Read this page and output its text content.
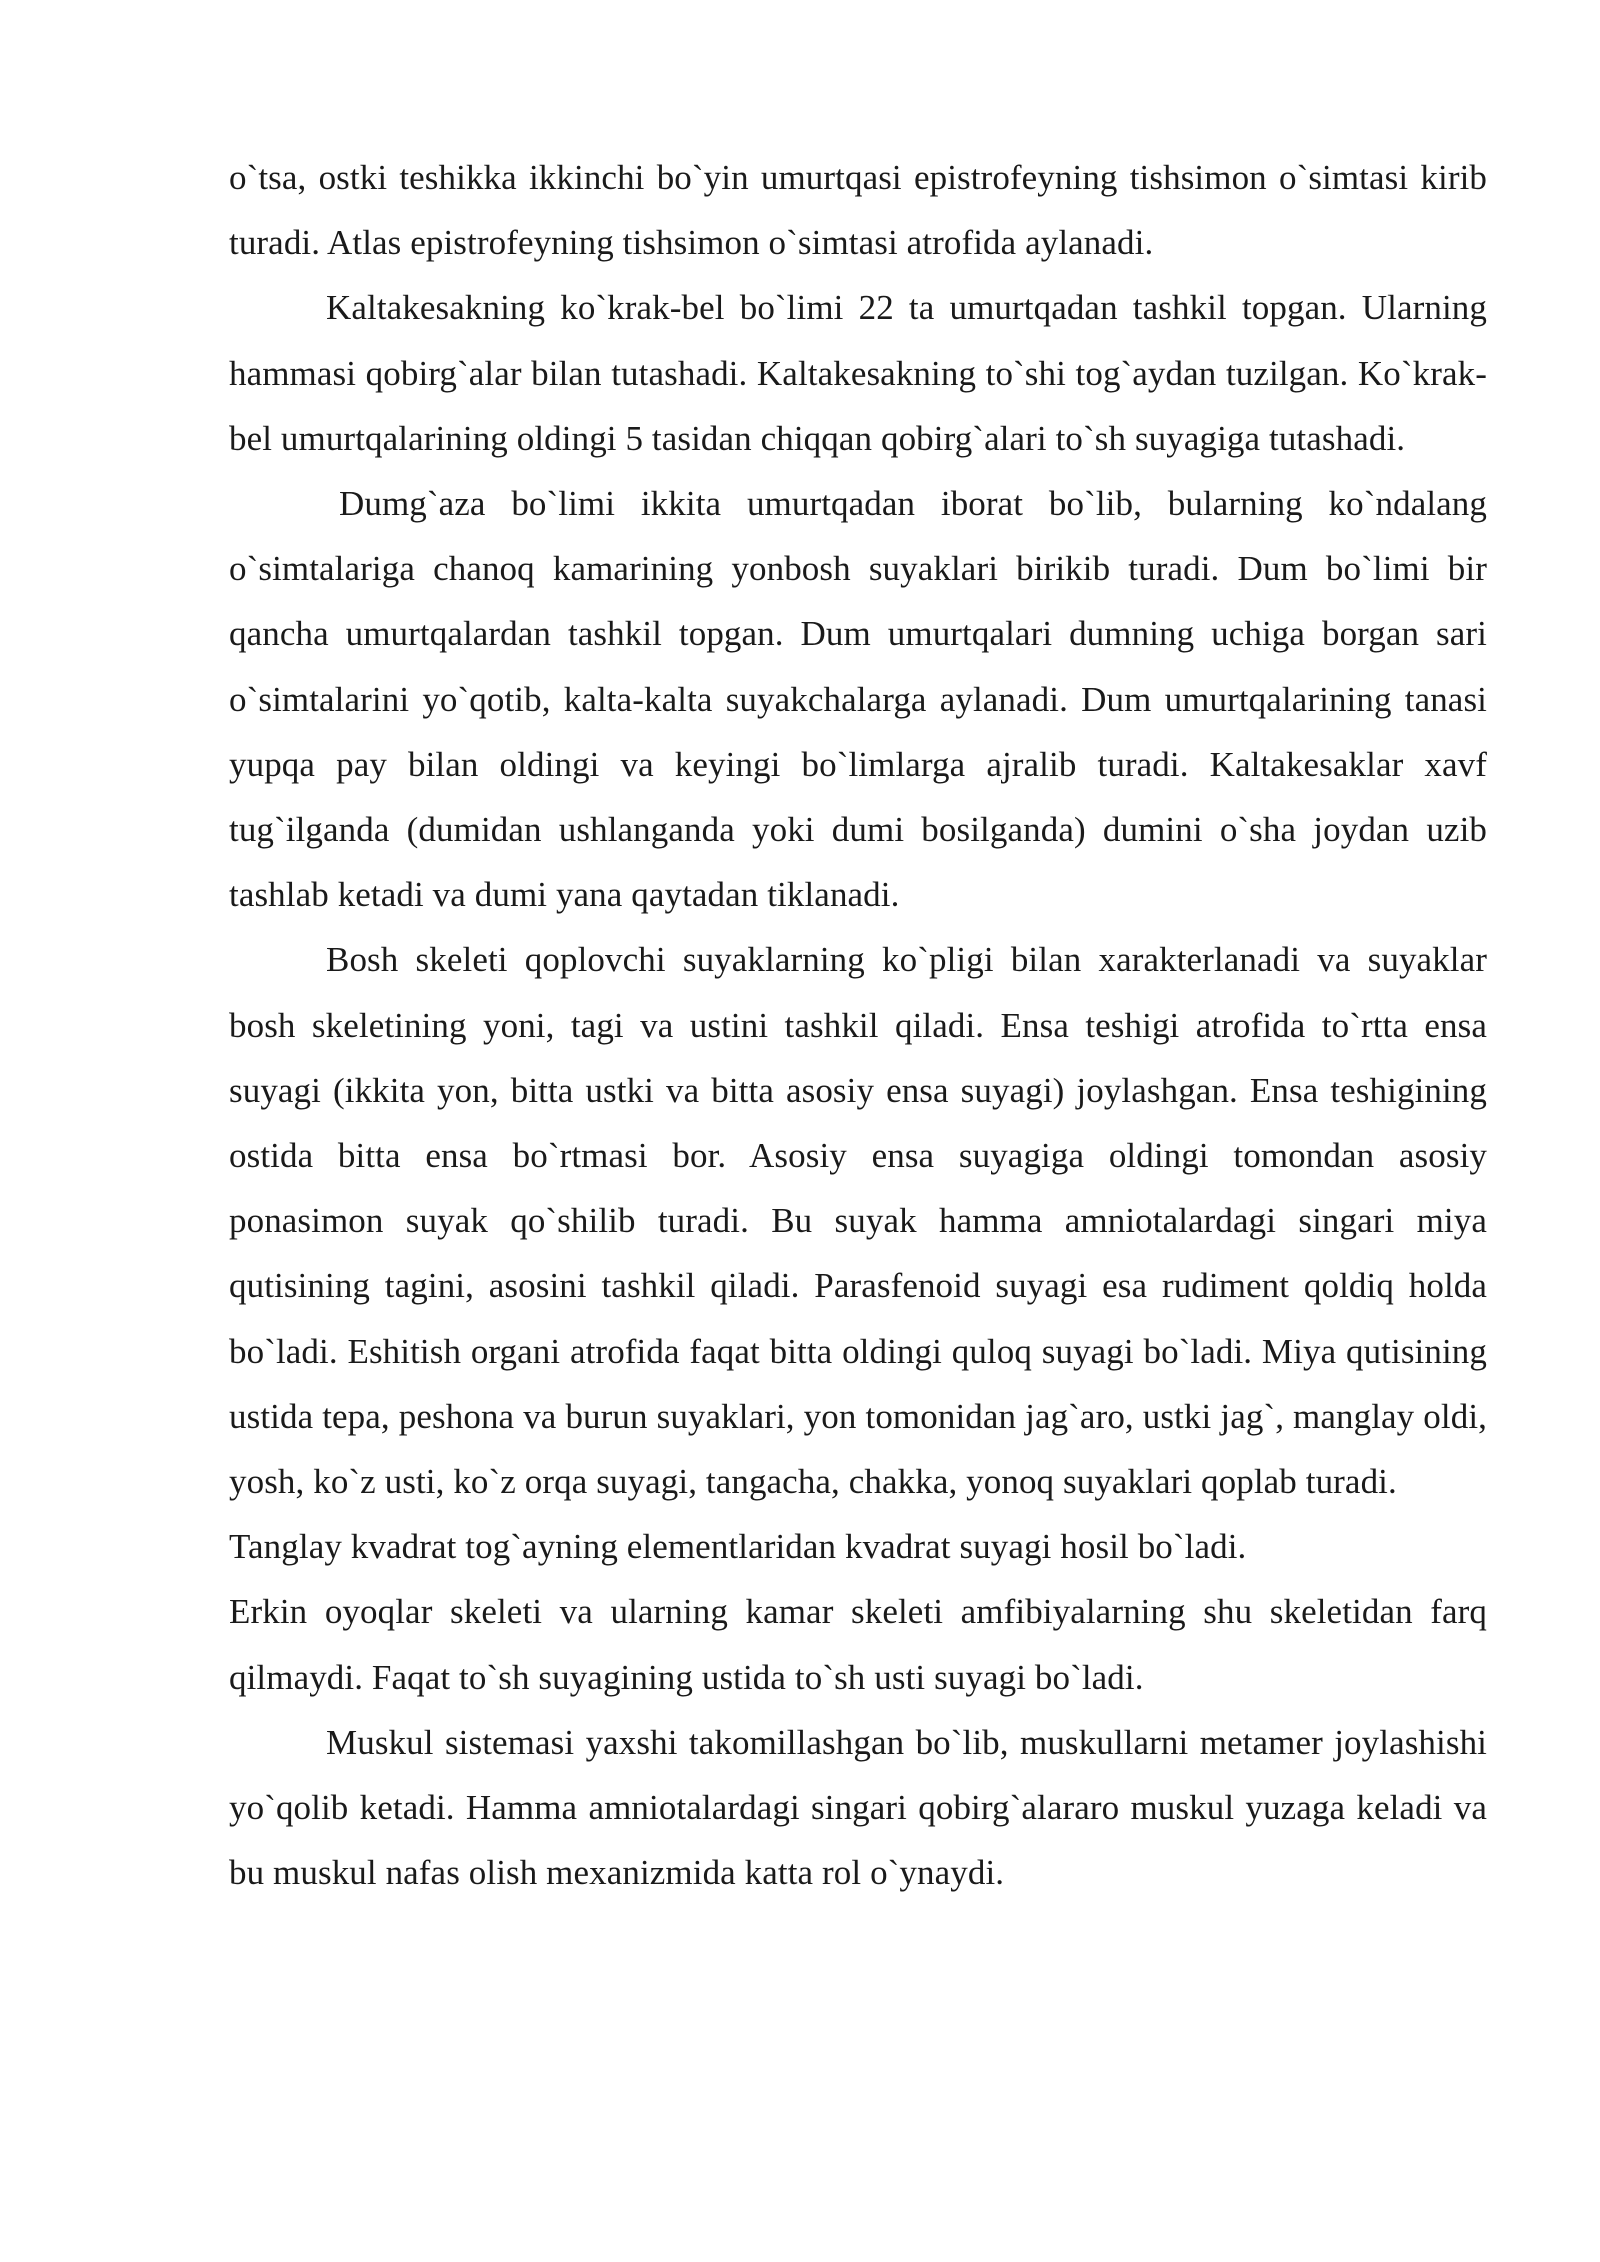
o`tsa, ostki teshikka ikkinchi bo`yin umurtqasi epistrofeyning tishsimon o`simtasi kirib turadi. Atlas epistrofeyning tishsimon o`simtasi atrofida aylanadi.

Kaltakesakning ko`krak-bel bo`limi 22 ta umurtqadan tashkil topgan. Ularning hammasi qobirg`alar bilan tutashadi. Kaltakesakning to`shi tog`aydan tuzilgan. Ko`krak-bel umurtqalarining oldingi 5 tasidan chiqqan qobirg`alari to`sh suyagiga tutashadi.

Dumg`aza bo`limi ikkita umurtqadan iborat bo`lib, bularning ko`ndalang o`simtalariga chanoq kamarining yonbosh suyaklari birikib turadi. Dum bo`limi bir qancha umurtqalardan tashkil topgan. Dum umurtqalari dumning uchiga borgan sari o`simtalarini yo`qotib, kalta-kalta suyakchalarga aylanadi. Dum umurtqalarining tanasi yupqa pay bilan oldingi va keyingi bo`limlarga ajralib turadi. Kaltakesaklar xavf tug`ilganda (dumidan ushlanganda yoki dumi bosilganda) dumini o`sha joydan uzib tashlab ketadi va dumi yana qaytadan tiklanadi.

Bosh skeleti qoplovchi suyaklarning ko`pligi bilan xarakterlanadi va suyaklar bosh skeletining yoni, tagi va ustini tashkil qiladi. Ensa teshigi atrofida to`rtta ensa suyagi (ikkita yon, bitta ustki va bitta asosiy ensa suyagi) joylashgan. Ensa teshigining ostida bitta ensa bo`rtmasi bor. Asosiy ensa suyagiga oldingi tomondan asosiy ponasimon suyak qo`shilib turadi. Bu suyak hamma amniotalardagi singari miya qutisining tagini, asosini tashkil qiladi. Parasfenoid suyagi esa rudiment qoldiq holda bo`ladi. Eshitish organi atrofida faqat bitta oldingi quloq suyagi bo`ladi. Miya qutisining ustida tepa, peshona va burun suyaklari, yon tomonidan jag`aro, ustki jag`, manglay oldi, yosh, ko`z usti, ko`z orqa suyagi, tangacha, chakka, yonoq suyaklari qoplab turadi.

Tanglay kvadrat tog`ayning elementlaridan kvadrat suyagi hosil bo`ladi.

Erkin oyoqlar skeleti va ularning kamar skeleti amfibiyalarning shu skeletidan farq qilmaydi. Faqat to`sh suyagining ustida to`sh usti suyagi bo`ladi.

Muskul sistemasi yaxshi takomillashgan bo`lib, muskullarni metamer joylashishi yo`qolib ketadi. Hamma amniotalardagi singari qobirg`alararo muskul yuzaga keladi va bu muskul nafas olish mexanizmida katta rol o`ynaydi.
